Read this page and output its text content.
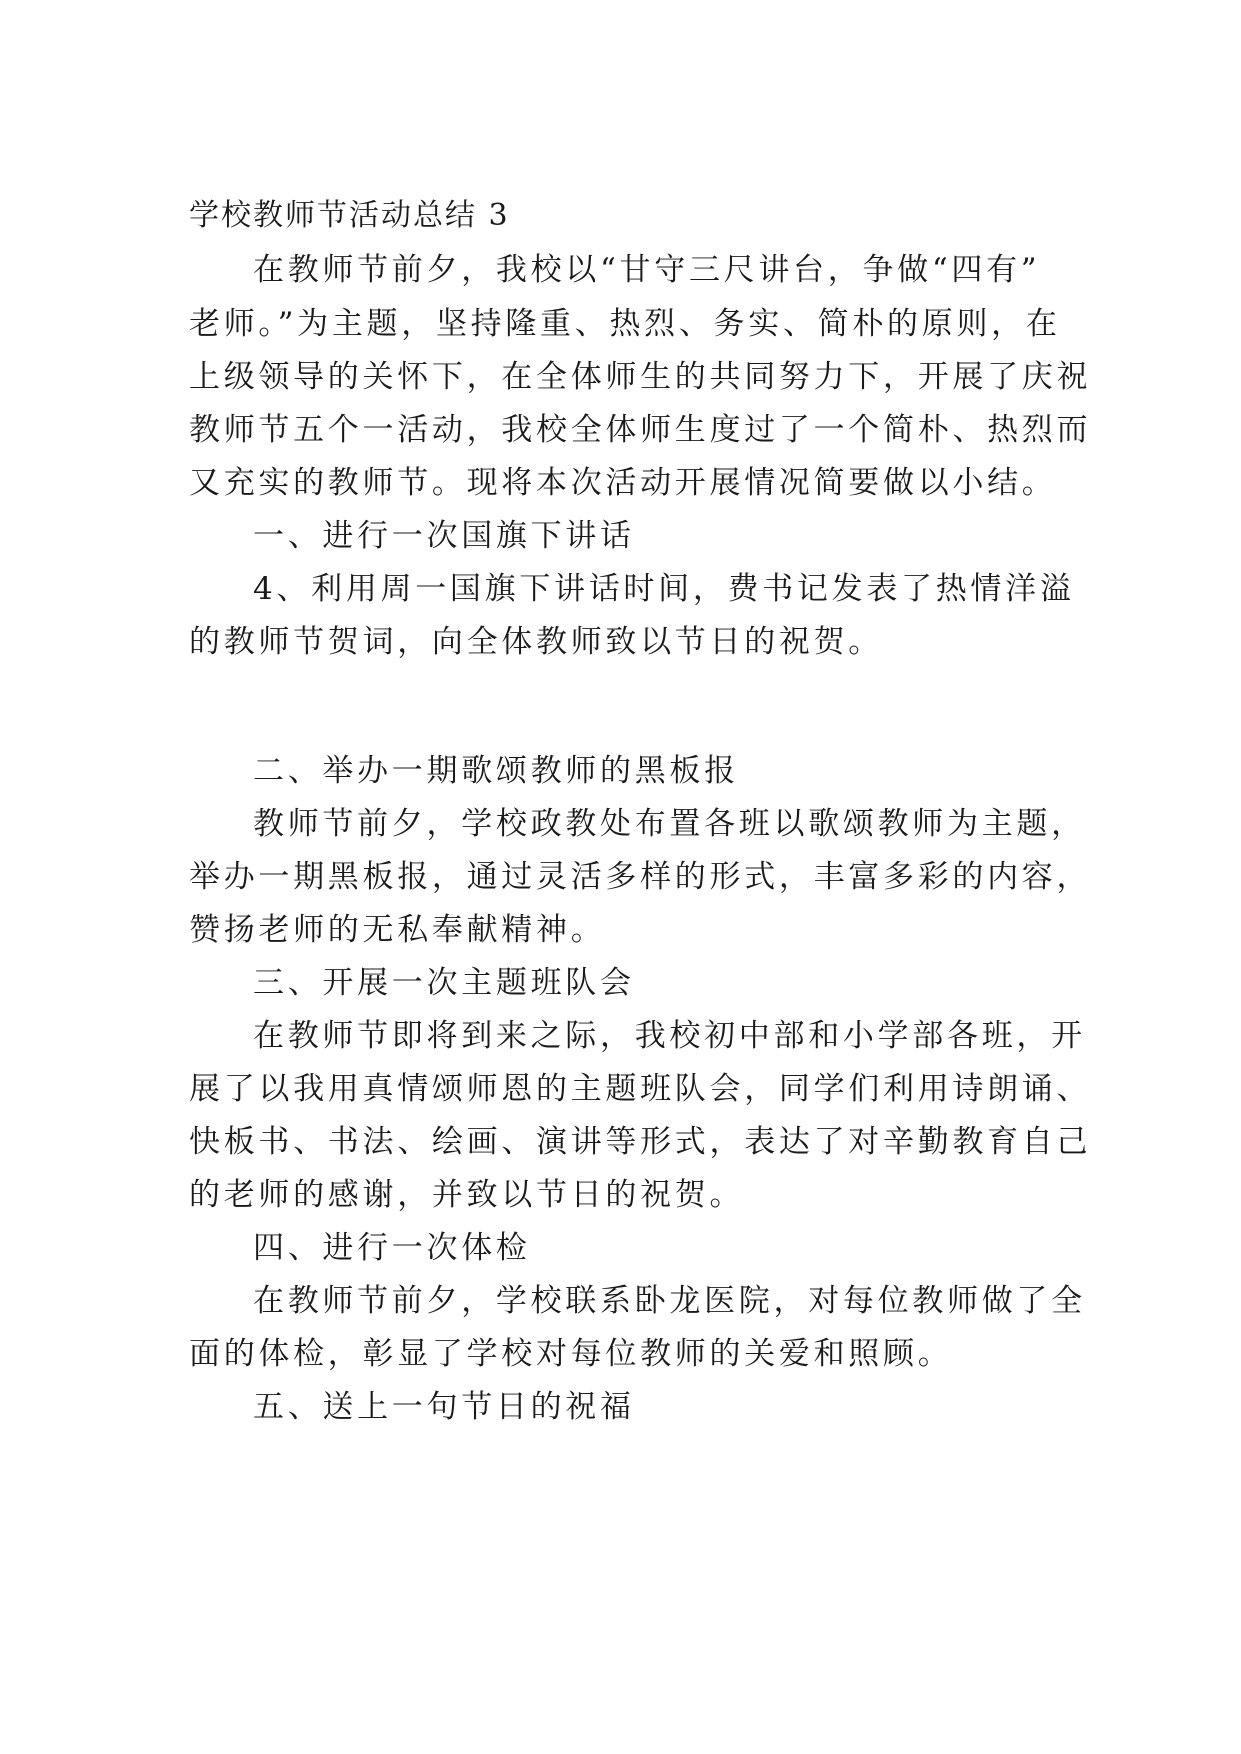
学校教师节活动总结 3

在教师节前夕，我校以“甘守三尺讲台，争做“四有”

老师。”为主题，坚持隆重、热烈、务实、简朴的原则，在

上级领导的关怀下，在全体师生的共同努力下，开展了庆祝

教师节五个一活动，我校全体师生度过了一个简朴、热烈而

又充实的教师节。现将本次活动开展情况简要做以小结。

一、进行一次国旗下讲话

4、利用周一国旗下讲话时间，费书记发表了热情洋溢

的教师节贺词，向全体教师致以节日的祝贺。

二、举办一期歌颂教师的黑板报

教师节前夕，学校政教处布置各班以歌颂教师为主题，

举办一期黑板报，通过灵活多样的形式，丰富多彩的内容，

赞扬老师的无私奉献精神。

三、开展一次主题班队会

在教师节即将到来之际，我校初中部和小学部各班，开

展了以我用真情颂师恩的主题班队会，同学们利用诗朗诵、

快板书、书法、绘画、演讲等形式，表达了对辛勤教育自己

的老师的感谢，并致以节日的祝贺。

四、进行一次体检

在教师节前夕，学校联系卧龙医院，对每位教师做了全

面的体检，彰显了学校对每位教师的关爱和照顾。

五、送上一句节日的祝福
